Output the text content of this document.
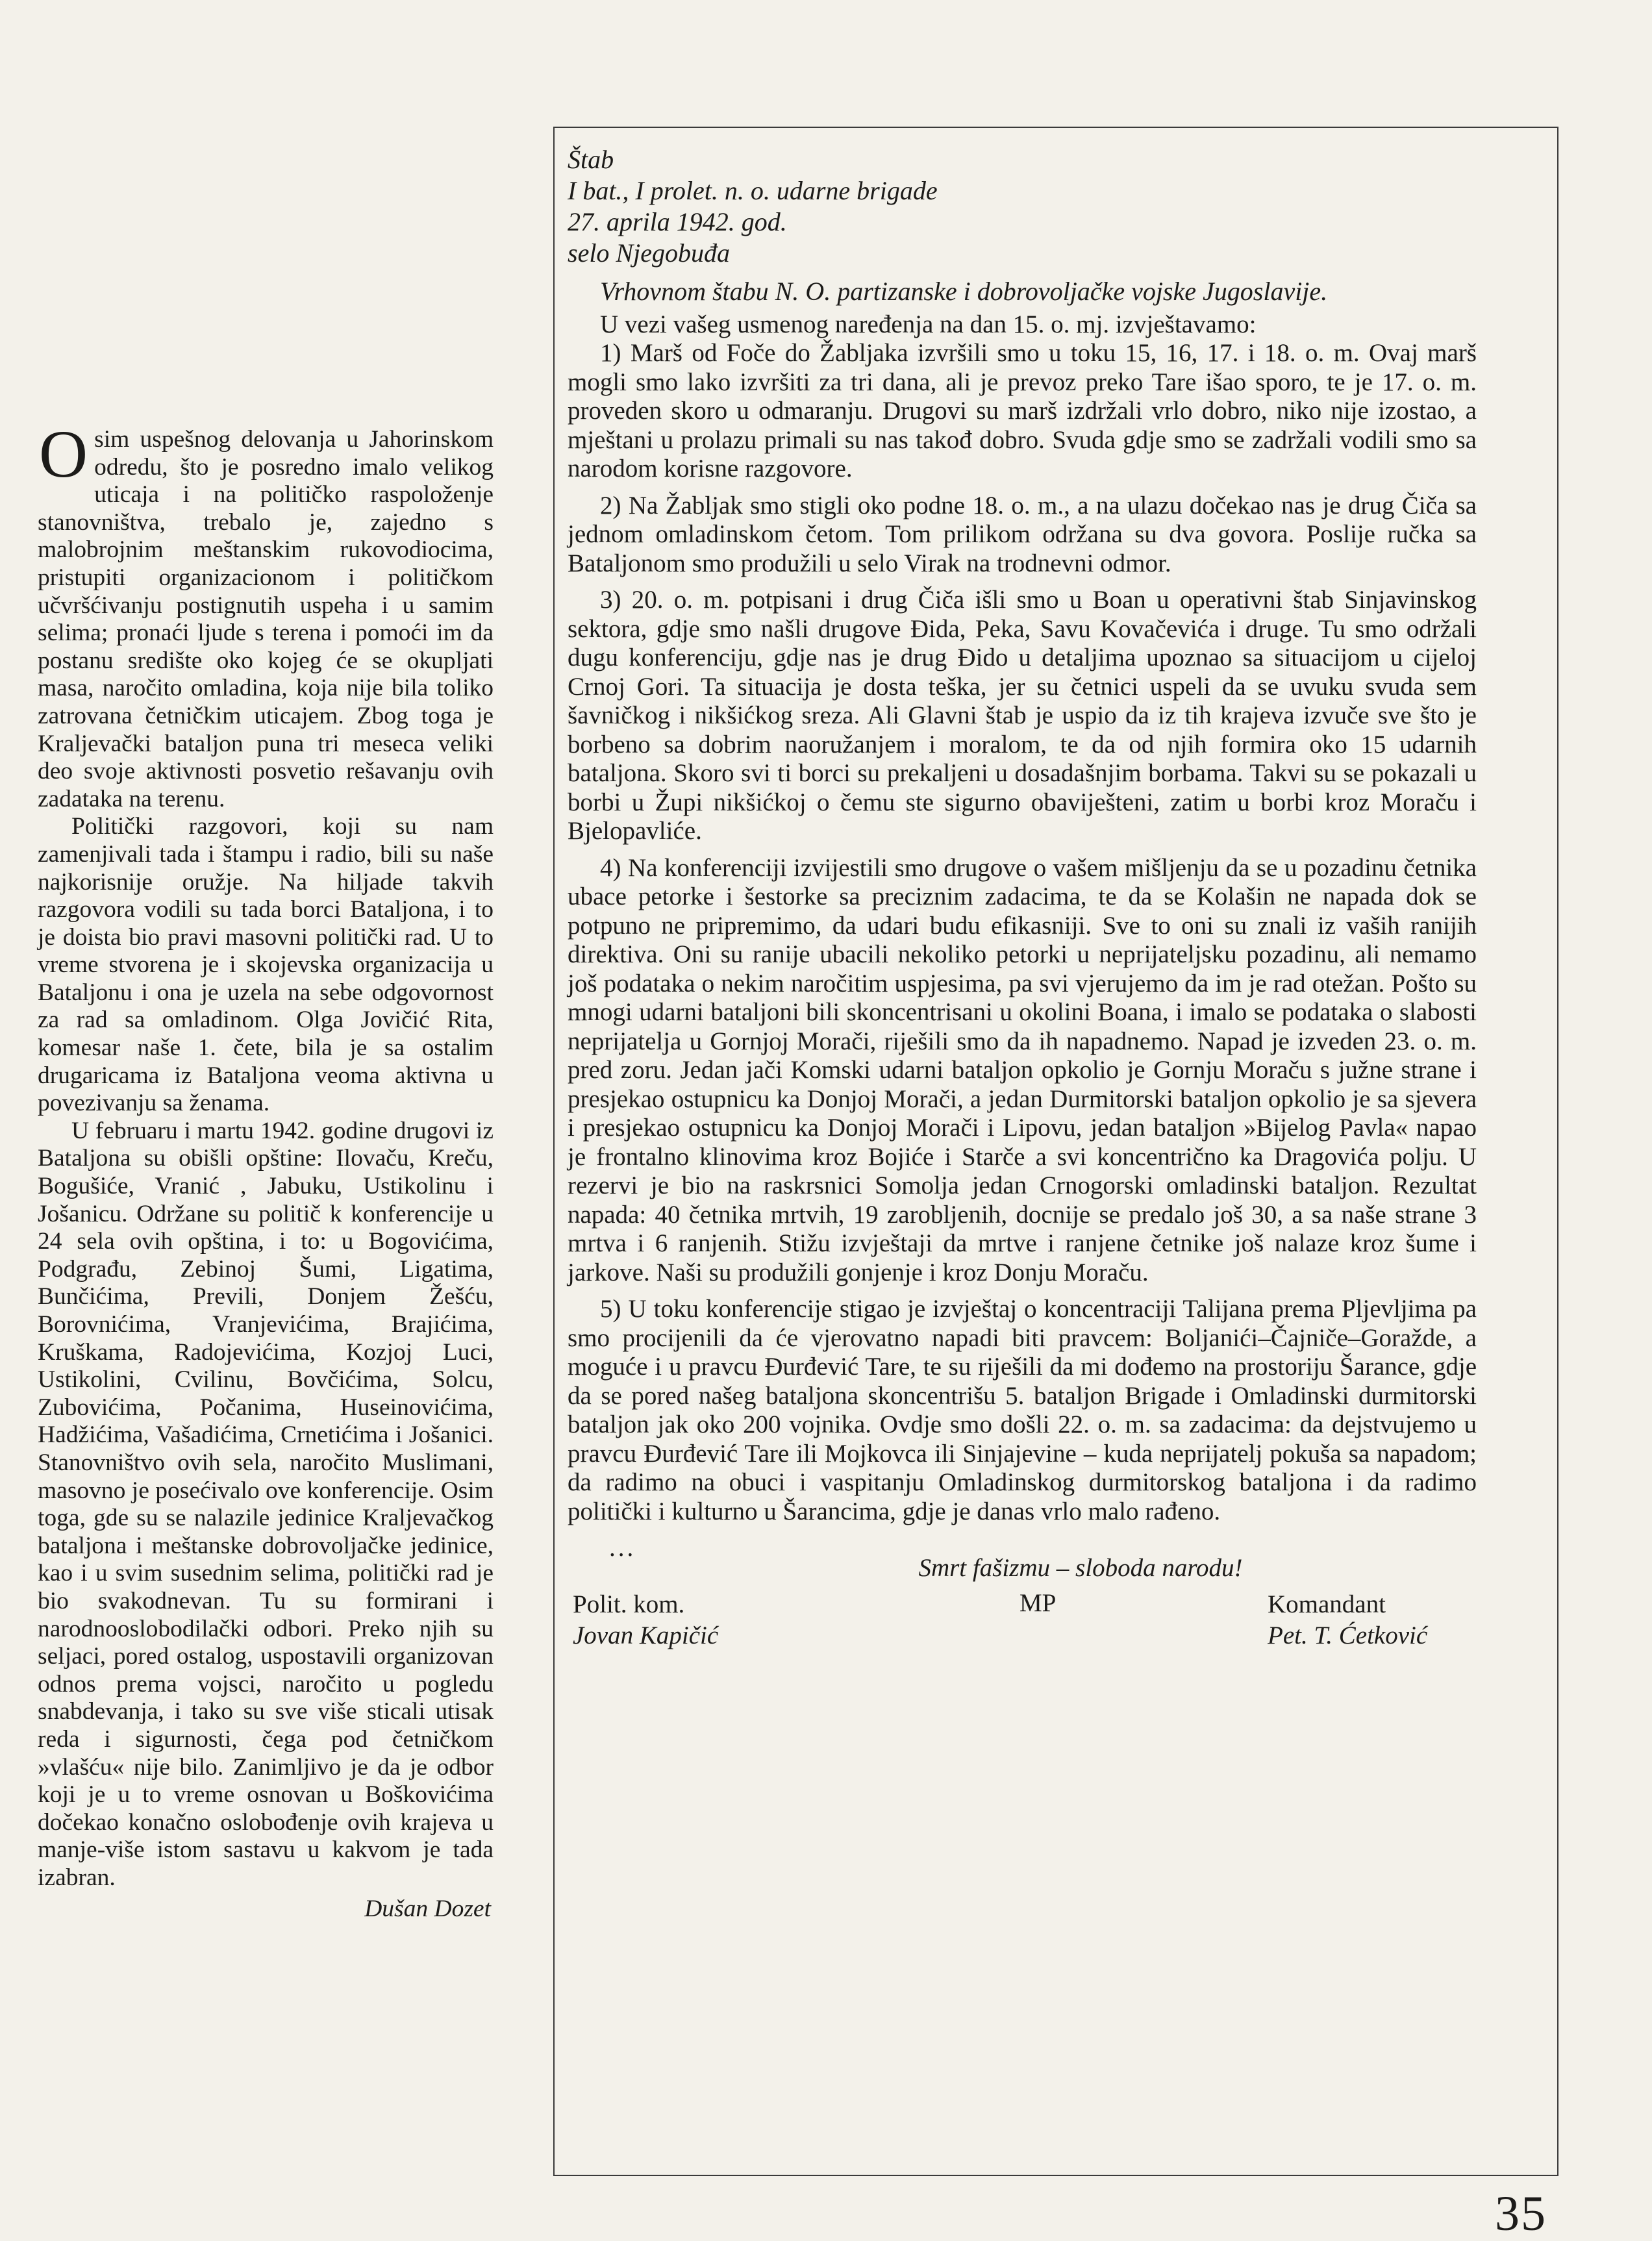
Osim uspešnog delovanja u Jahorinskom odredu, što je posredno imalo velikog uticaja i na političko raspoloženje stanovništva, trebalo je, zajedno s malobrojnim meštanskim rukovodiocima, pristupiti organizacionom i političkom učvršćivanju postignutih uspeha i u samim selima; pronaći ljude s terena i pomoći im da postanu središte oko kojeg će se okupljati masa, naročito omladina, koja nije bila toliko zatrovana četničkim uticajem. Zbog toga je Kraljevački bataljon puna tri meseca veliki deo svoje aktivnosti posvetio rešavanju ovih zadataka na terenu.

Politički razgovori, koji su nam zamenjivali tada i štampu i radio, bili su naše najkorisnije oružje. Na hiljade takvih razgovora vodili su tada borci Bataljona, i to je doista bio pravi masovni politički rad. U to vreme stvorena je i skojevska organizacija u Bataljonu i ona je uzela na sebe odgovornost za rad sa omladinom. Olga Jovičić Rita, komesar naše 1. čete, bila je sa ostalim drugaricama iz Bataljona veoma aktivna u povezivanju sa ženama.

U februaru i martu 1942. godine drugovi iz Bataljona su obišli opštine: Ilovaču, Kreču, Bogušiće, Vranić , Jabuku, Ustikolinu i Jošanicu. Održane su politič k konferencije u 24 sela ovih opština, i to: u Bogovićima, Podgrađu, Zebinoj Šumi, Ligatima, Bunčićima, Previli, Donjem Žešću, Borovnićima, Vranjevićima, Brajićima, Kruškama, Radojevićima, Kozjoj Luci, Ustikolini, Cvilinu, Bovčićima, Solcu, Zubovićima, Počanima, Huseinovićima, Hadžićima, Vašadićima, Crnetićima i Jošanici. Stanovništvo ovih sela, naročito Muslimani, masovno je posećivalo ove konferencije. Osim toga, gde su se nalazile jedinice Kraljevačkog bataljona i meštanske dobrovoljačke jedinice, kao i u svim susednim selima, politički rad je bio svakodnevan. Tu su formirani i narodnooslobodilački odbori. Preko njih su seljaci, pored ostalog, uspostavili organizovan odnos prema vojsci, naročito u pogledu snabdevanja, i tako su sve više sticali utisak reda i sigurnosti, čega pod četničkom »vlašću« nije bilo. Zanimljivo je da je odbor koji je u to vreme osnovan u Boškovićima dočekao konačno oslobođenje ovih krajeva u manje-više istom sastavu u kakvom je tada izabran.

Dušan Dozet
Štab
I bat., I prolet. n. o. udarne brigade
27. aprila 1942. god.
selo Njegobuđa
Vrhovnom štabu N. O. partizanske i dobrovoljačke vojske Jugoslavije.

U vezi vašeg usmenog naređenja na dan 15. o. mj. izvještavamo:

1) Marš od Foče do Žabljaka izvršili smo u toku 15, 16, 17. i 18. o. m. Ovaj marš mogli smo lako izvršiti za tri dana, ali je prevoz preko Tare išao sporo, te je 17. o. m. proveden skoro u odmaranju. Drugovi su marš izdržali vrlo dobro, niko nije izostao, a mještani u prolazu primali su nas takođ dobro. Svuda gdje smo se zadržali vodili smo sa narodom korisne razgovore.

2) Na Žabljak smo stigli oko podne 18. o. m., a na ulazu dočekao nas je drug Čiča sa jednom omladinskom četom. Tom prilikom održana su dva govora. Poslije ručka sa Bataljonom smo produžili u selo Virak na trodnevni odmor.

3) 20. o. m. potpisani i drug Čiča išli smo u Boan u operativni štab Sinjavinskog sektora, gdje smo našli drugove Đida, Peka, Savu Kovačevića i druge. Tu smo održali dugu konferenciju, gdje nas je drug Đido u detaljima upoznao sa situacijom u cijeloj Crnoj Gori. Ta situacija je dosta teška, jer su četnici uspeli da se uvuku svuda sem šavničkog i nikšićkog sreza. Ali Glavni štab je uspio da iz tih krajeva izvuče sve što je borbeno sa dobrim naoružanjem i moralom, te da od njih formira oko 15 udarnih bataljona. Skoro svi ti borci su prekaljeni u dosadašnjim borbama. Takvi su se pokazali u borbi u Župi nikšićkoj o čemu ste sigurno obaviješteni, zatim u borbi kroz Moraču i Bjelopavliće.

4) Na konferenciji izvijestili smo drugove o vašem mišljenju da se u pozadinu četnika ubace petorke i šestorke sa preciznim zadacima, te da se Kolašin ne napada dok se potpuno ne pripremimo, da udari budu efikasniji. Sve to oni su znali iz vaših ranijih direktiva. Oni su ranije ubacili nekoliko petorki u neprijateljsku pozadinu, ali nemamo još podataka o nekim naročitim uspjesima, pa svi vjerujemo da im je rad otežan. Pošto su mnogi udarni bataljoni bili skoncentrisani u okolini Boana, i imalo se podataka o slabosti neprijatelja u Gornjoj Morači, riješili smo da ih napadnemo. Napad je izveden 23. o. m. pred zoru. Jedan jači Komski udarni bataljon opkolio je Gornju Moraču s južne strane i presjekao ostupnicu ka Donjoj Morači, a jedan Durmitorski bataljon opkolio je sa sjevera i presjekao ostupnicu ka Donjoj Morači i Lipovu, jedan bataljon »Bijelog Pavla« napao je frontalno klinovima kroz Bojiće i Starče a svi koncentrično ka Dragovića polju. U rezervi je bio na raskrsnici Somolja jedan Crnogorski omladinski bataljon. Rezultat napada: 40 četnika mrtvih, 19 zarobljenih, docnije se predalo još 30, a sa naše strane 3 mrtva i 6 ranjenih. Stižu izvještaji da mrtve i ranjene četnike još nalaze kroz šume i jarkove. Naši su produžili gonjenje i kroz Donju Moraču.

5) U toku konferencije stigao je izvještaj o koncentraciji Talijana prema Pljevljima pa smo procijenili da će vjerovatno napadi biti pravcem: Boljanići–Čajniče–Goražde, a moguće i u pravcu Đurđević Tare, te su riješili da mi dođemo na prostoriju Šarance, gdje da se pored našeg bataljona skoncentrišu 5. bataljon Brigade i Omladinski durmitorski bataljon jak oko 200 vojnika. Ovdje smo došli 22. o. m. sa zadacima: da dejstvujemo u pravcu Đurđević Tare ili Mojkovca ili Sinjajevine – kuda neprijatelj pokuša sa napadom; da radimo na obuci i vaspitanju Omladinskog durmitorskog bataljona i da radimo politički i kulturno u Šarancima, gdje je danas vrlo malo rađeno.

...
Smrt fašizmu – sloboda narodu!
Polit. kom.
Jovan Kapičić
MP	Komandant
Pet. T. Ćetković
35
